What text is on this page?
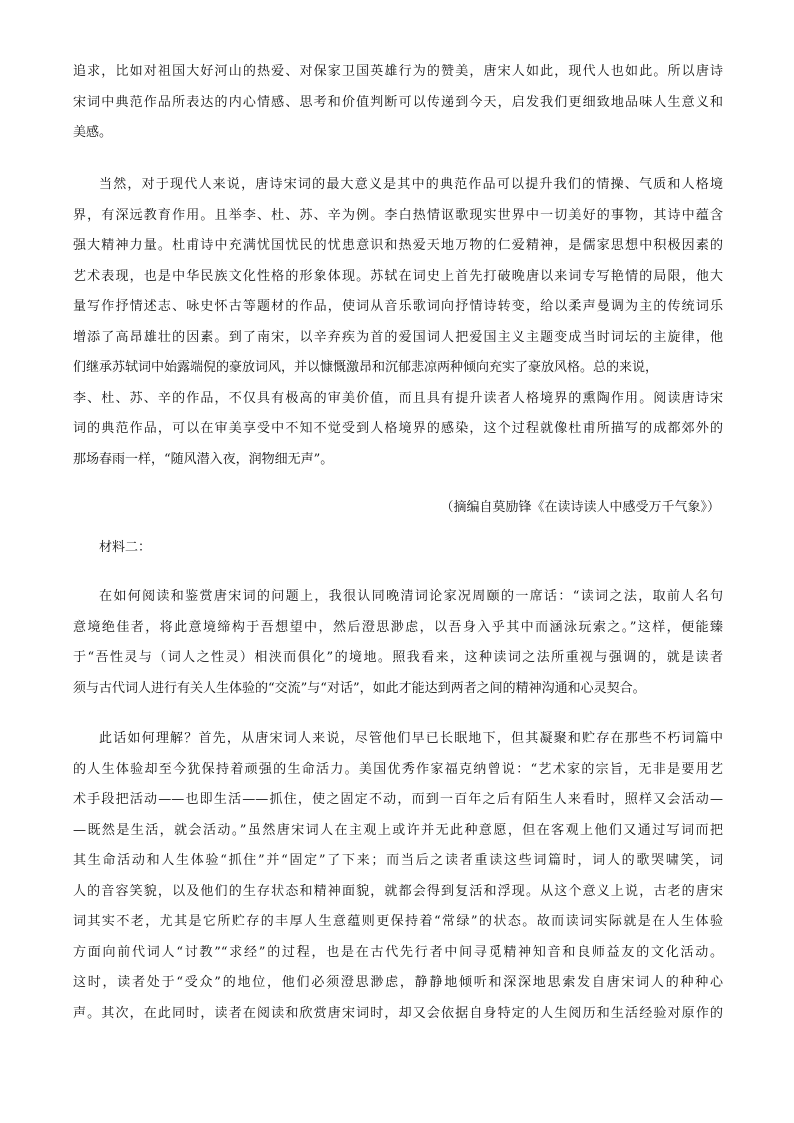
追求，比如对祖国大好河山的热爱、对保家卫国英雄行为的赞美，唐宋人如此，现代人也如此。所以唐诗
宋词中典范作品所表达的内心情感、思考和价值判断可以传递到今天，启发我们更细致地品味人生意义和
美感。
当然，对于现代人来说，唐诗宋词的最大意义是其中的典范作品可以提升我们的情操、气质和人格境
界，有深远教育作用。且举李、杜、苏、辛为例。李白热情讴歌现实世界中一切美好的事物，其诗中蕴含
强大精神力量。杜甫诗中充满忧国忧民的忧患意识和热爱天地万物的仁爱精神，是儒家思想中积极因素的
艺术表现，也是中华民族文化性格的形象体现。苏轼在词史上首先打破晚唐以来词专写艳情的局限，他大
量写作抒情述志、咏史怀古等题材的作品，使词从音乐歌词向抒情诗转变，给以柔声曼调为主的传统词乐
增添了高昂雄壮的因素。到了南宋，以辛弃疾为首的爱国词人把爱国主义主题变成当时词坛的主旋律，他
们继承苏轼词中始露端倪的豪放词风，并以慷慨激昂和沉郁悲凉两种倾向充实了豪放风格。总的来说，
李、杜、苏、辛的作品，不仅具有极高的审美价值，而且具有提升读者人格境界的熏陶作用。阅读唐诗宋
词的典范作品，可以在审美享受中不知不觉受到人格境界的感染，这个过程就像杜甫所描写的成都郊外的
那场春雨一样，“随风潜入夜，润物细无声”。
（摘编自莫励锋《在读诗读人中感受万千气象》）
材料二：
在如何阅读和鉴赏唐宋词的问题上，我很认同晚清词论家况周颐的一席话：“读词之法，取前人名句
意境绝佳者，将此意境缔构于吾想望中，然后澄思渺虑，以吾身入乎其中而涵泳玩索之。”这样，便能臻
于“吾性灵与（词人之性灵）相浃而俱化”的境地。照我看来，这种读词之法所重视与强调的，就是读者
须与古代词人进行有关人生体验的“交流”与“对话”，如此才能达到两者之间的精神沟通和心灵契合。
此话如何理解？首先，从唐宋词人来说，尽管他们早已长眠地下，但其凝聚和贮存在那些不朽词篇中
的人生体验却至今犹保持着顽强的生命活力。美国优秀作家福克纳曾说：“艺术家的宗旨，无非是要用艺
术手段把活动——也即生活——抓住，使之固定不动，而到一百年之后有陌生人来看时，照样又会活动—
—既然是生活，就会活动。”虽然唐宋词人在主观上或许并无此种意愿，但在客观上他们又通过写词而把
其生命活动和人生体验“抓住”并“固定”了下来；而当后之读者重读这些词篇时，词人的歌哭啸笑，词
人的音容笑貌，以及他们的生存状态和精神面貌，就都会得到复活和浮现。从这个意义上说，古老的唐宋
词其实不老，尤其是它所贮存的丰厚人生意蕴则更保持着“常绿”的状态。故而读词实际就是在人生体验
方面向前代词人“讨教”“求经”的过程，也是在古代先行者中间寻觅精神知音和良师益友的文化活动。
这时，读者处于“受众”的地位，他们必须澄思渺虑，静静地倾听和深深地思索发自唐宋词人的种种心
声。其次，在此同时，读者在阅读和欣赏唐宋词时，却又会依据自身特定的人生阅历和生活经验对原作的
